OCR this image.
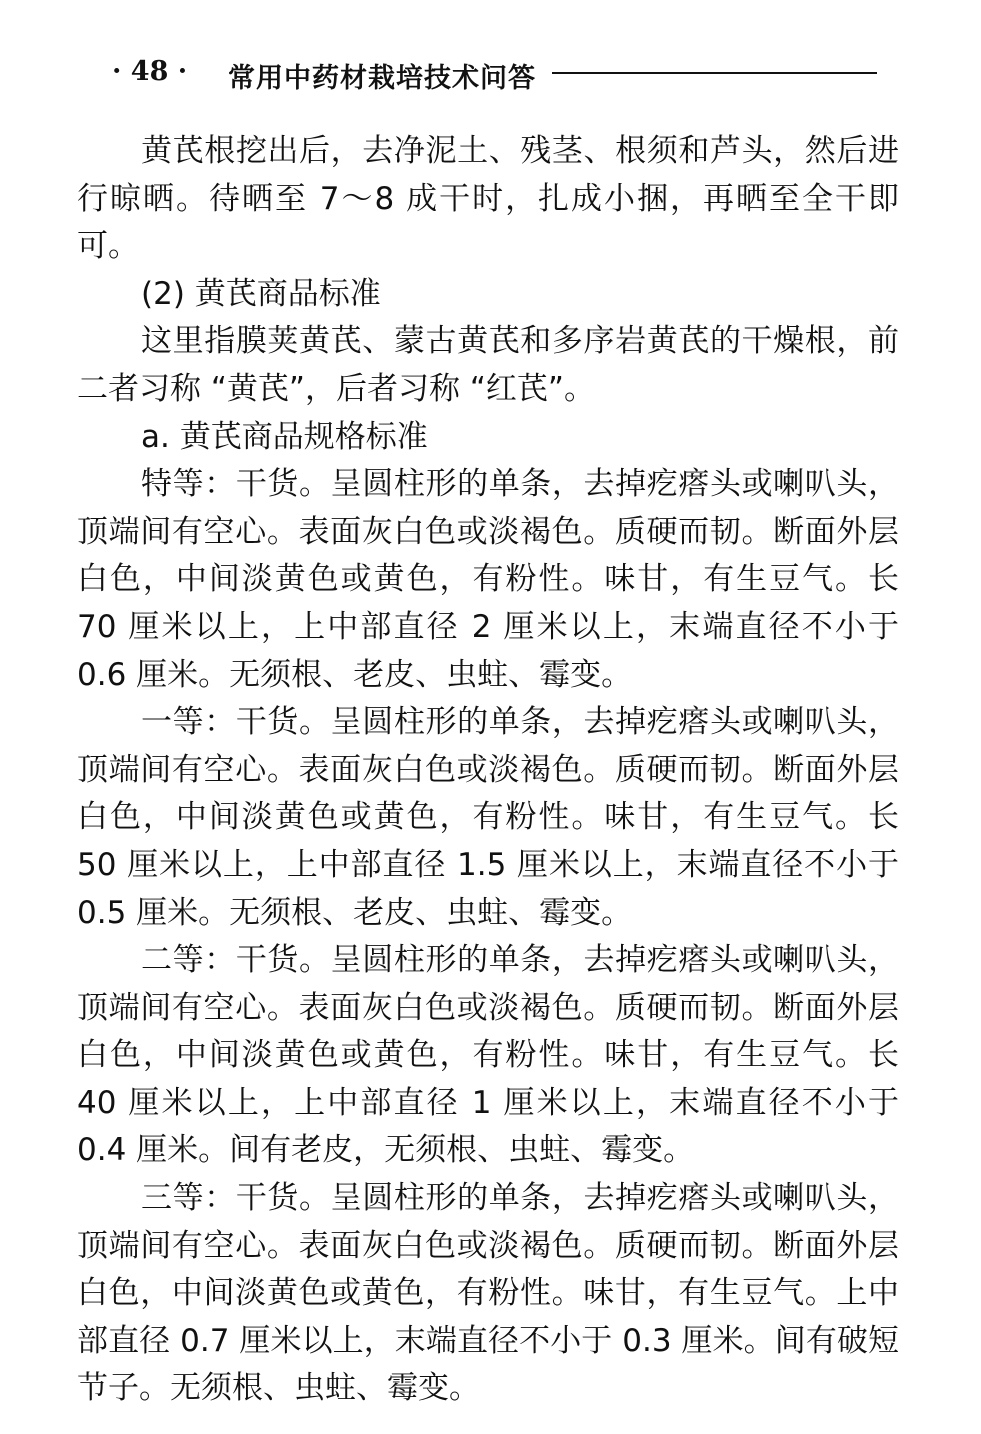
· 48 · 常用中药材栽培技术问答

黄芪根挖出后，去净泥土、残茎、根须和芦头，然后进行晾晒。待晒至 7～8 成干时，扎成小捆，再晒至全干即可。

(2) 黄芪商品标准

这里指膜荚黄芪、蒙古黄芪和多序岩黄芪的干燥根，前二者习称 “黄芪”，后者习称 “红芪”。

a. 黄芪商品规格标准

特等：干货。呈圆柱形的单条，去掉疙瘩头或喇叭头，顶端间有空心。表面灰白色或淡褐色。质硬而韧。断面外层白色，中间淡黄色或黄色，有粉性。味甘，有生豆气。长 70 厘米以上，上中部直径 2 厘米以上，末端直径不小于 0.6 厘米。无须根、老皮、虫蛀、霉变。

一等：干货。呈圆柱形的单条，去掉疙瘩头或喇叭头，顶端间有空心。表面灰白色或淡褐色。质硬而韧。断面外层白色，中间淡黄色或黄色，有粉性。味甘，有生豆气。长 50 厘米以上，上中部直径 1.5 厘米以上，末端直径不小于 0.5 厘米。无须根、老皮、虫蛀、霉变。

二等：干货。呈圆柱形的单条，去掉疙瘩头或喇叭头，顶端间有空心。表面灰白色或淡褐色。质硬而韧。断面外层白色，中间淡黄色或黄色，有粉性。味甘，有生豆气。长 40 厘米以上，上中部直径 1 厘米以上，末端直径不小于 0.4 厘米。间有老皮，无须根、虫蛀、霉变。

三等：干货。呈圆柱形的单条，去掉疙瘩头或喇叭头，顶端间有空心。表面灰白色或淡褐色。质硬而韧。断面外层白色，中间淡黄色或黄色，有粉性。味甘，有生豆气。上中部直径 0.7 厘米以上，末端直径不小于 0.3 厘米。间有破短节子。无须根、虫蛀、霉变。
